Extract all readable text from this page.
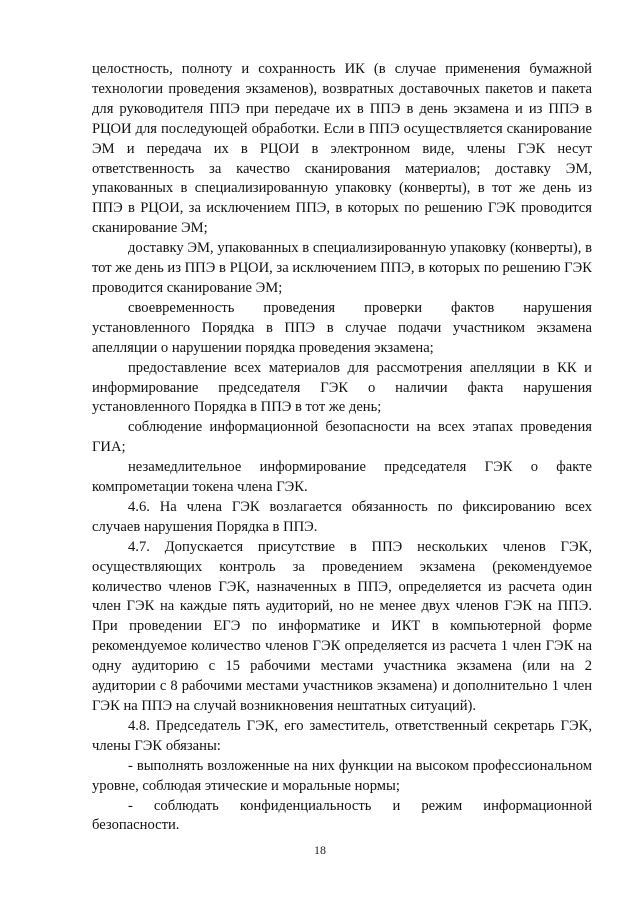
целостность, полноту и сохранность ИК (в случае применения бумажной технологии проведения экзаменов), возвратных доставочных пакетов и пакета для руководителя ППЭ при передаче их в ППЭ в день экзамена и из ППЭ в РЦОИ для последующей обработки. Если в ППЭ осуществляется сканирование ЭМ и передача их в РЦОИ в электронном виде, члены ГЭК несут ответственность за качество сканирования материалов; доставку ЭМ, упакованных в специализированную упаковку (конверты), в тот же день из ППЭ в РЦОИ, за исключением ППЭ, в которых по решению ГЭК проводится сканирование ЭМ;

доставку ЭМ, упакованных в специализированную упаковку (конверты), в тот же день из ППЭ в РЦОИ, за исключением ППЭ, в которых по решению ГЭК проводится сканирование ЭМ;

своевременность проведения проверки фактов нарушения установленного Порядка в ППЭ в случае подачи участником экзамена апелляции о нарушении порядка проведения экзамена;

предоставление всех материалов для рассмотрения апелляции в КК и информирование председателя ГЭК о наличии факта нарушения установленного Порядка в ППЭ в тот же день;

соблюдение информационной безопасности на всех этапах проведения ГИА;

незамедлительное информирование председателя ГЭК о факте компрометации токена члена ГЭК.

4.6. На члена ГЭК возлагается обязанность по фиксированию всех случаев нарушения Порядка в ППЭ.

4.7. Допускается присутствие в ППЭ нескольких членов ГЭК, осуществляющих контроль за проведением экзамена (рекомендуемое количество членов ГЭК, назначенных в ППЭ, определяется из расчета один член ГЭК на каждые пять аудиторий, но не менее двух членов ГЭК на ППЭ. При проведении ЕГЭ по информатике и ИКТ в компьютерной форме рекомендуемое количество членов ГЭК определяется из расчета 1 член ГЭК на одну аудиторию с 15 рабочими местами участника экзамена (или на 2 аудитории с 8 рабочими местами участников экзамена) и дополнительно 1 член ГЭК на ППЭ на случай возникновения нештатных ситуаций).

4.8. Председатель ГЭК, его заместитель, ответственный секретарь ГЭК, члены ГЭК обязаны:

- выполнять возложенные на них функции на высоком профессиональном уровне, соблюдая этические и моральные нормы;

- соблюдать конфиденциальность и режим информационной безопасности.

18
